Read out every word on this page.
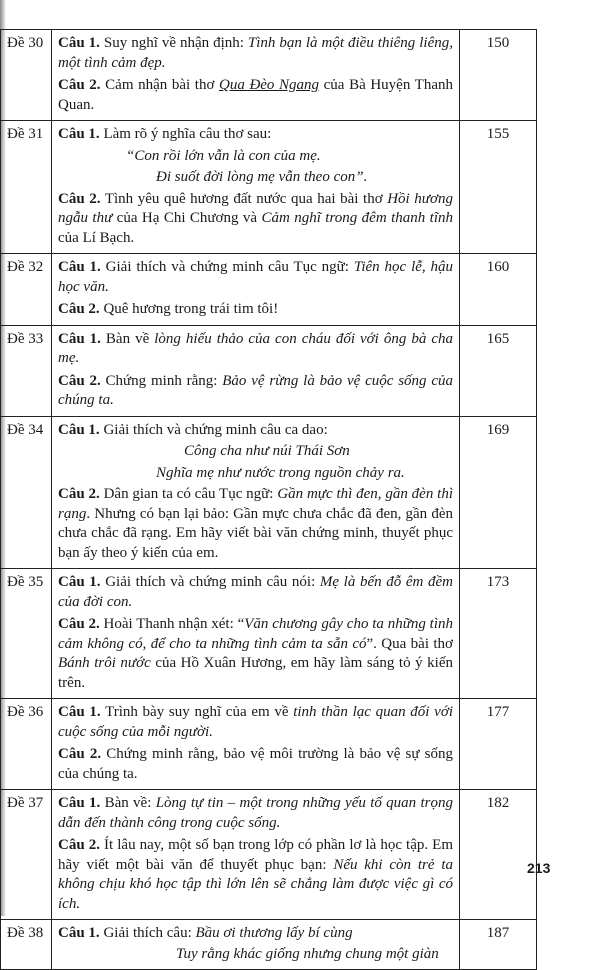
Đề 30	Câu 1. Suy nghĩ về nhận định: Tình bạn là một điều thiêng liêng, một tình cảm đẹp.

Câu 2. Cảm nhận bài thơ Qua Đèo Ngang của Bà Huyện Thanh Quan.	150
Đề 31	Câu 1. Làm rõ ý nghĩa câu thơ sau:

“Con rồi lớn vẫn là con của mẹ.
Đi suốt đời lòng mẹ vẫn theo con”.

Câu 2. Tình yêu quê hương đất nước qua hai bài thơ Hồi hương ngẫu thư của Hạ Chi Chương và Cảm nghĩ trong đêm thanh tĩnh của Lí Bạch.	155
Đề 32	Câu 1. Giải thích và chứng minh câu Tục ngữ: Tiên học lễ, hậu học văn.

Câu 2. Quê hương trong trái tim tôi!	160
Đề 33	Câu 1. Bàn về lòng hiếu thảo của con cháu đối với ông bà cha mẹ.

Câu 2. Chứng minh rằng: Bảo vệ rừng là bảo vệ cuộc sống của chúng ta.	165
Đề 34	Câu 1. Giải thích và chứng minh câu ca dao:

Công cha như núi Thái Sơn
Nghĩa mẹ như nước trong nguồn chảy ra.

Câu 2. Dân gian ta có câu Tục ngữ: Gần mực thì đen, gần đèn thì rạng. Nhưng có bạn lại bảo: Gần mực chưa chắc đã đen, gần đèn chưa chắc đã rạng. Em hãy viết bài văn chứng minh, thuyết phục bạn ấy theo ý kiến của em.	169
Đề 35	Câu 1. Giải thích và chứng minh câu nói: Mẹ là bến đỗ êm đềm của đời con.

Câu 2. Hoài Thanh nhận xét: “Văn chương gây cho ta những tình cảm không có, để cho ta những tình cảm ta sẵn có”. Qua bài thơ Bánh trôi nước của Hồ Xuân Hương, em hãy làm sáng tỏ ý kiến trên.	173
Đề 36	Câu 1. Trình bày suy nghĩ của em về tinh thần lạc quan đối với cuộc sống của mỗi người.

Câu 2. Chứng minh rằng, bảo vệ môi trường là bảo vệ sự sống của chúng ta.	177
Đề 37	Câu 1. Bàn về: Lòng tự tin – một trong những yếu tố quan trọng dẫn đến thành công trong cuộc sống.

Câu 2. Ít lâu nay, một số bạn trong lớp có phần lơ là học tập. Em hãy viết một bài văn để thuyết phục bạn: Nếu khi còn trẻ ta không chịu khó học tập thì lớn lên sẽ chẳng làm được việc gì có ích.	182
Đề 38	Câu 1. Giải thích câu: Bầu ơi thương lấy bí cùng

Tuy rằng khác giống nhưng chung một giàn	187
213
